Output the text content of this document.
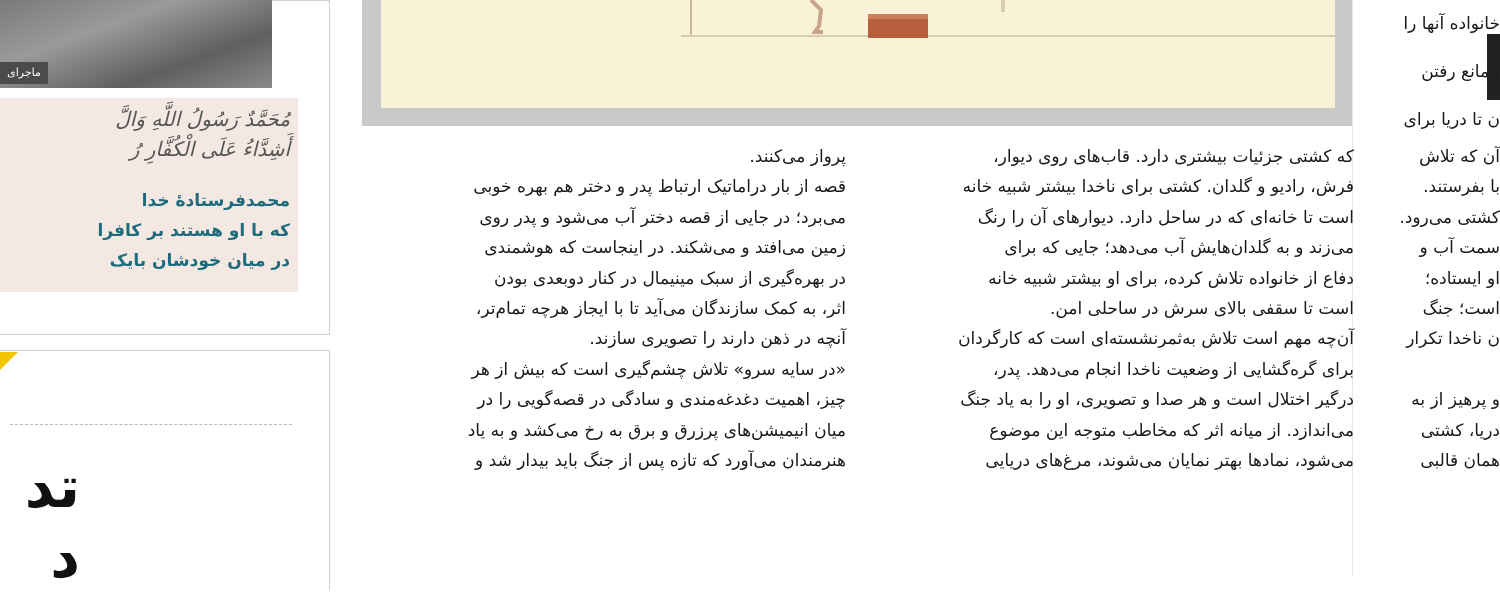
ماجرای
مُحَمَّدٌ رَسُولُ اللَّهِ وَالَّ
أَشِدَّاءُ عَلَى الْكُفَّارِ رُ
محمدفرستادهٔ خدا
که با او هستند بر کافرا
در میان خودشان بایک
تد
د

خانواده آنها را

، مانع رفتن

ن تا دریا برای

آن که تلاش

با بفرستند.

کشتی می‌رود.

سمت آب و

او ایستاده؛

است؛ جنگ

ن ناخدا تکرار

و پرهیز از به

دریا، کشتی

همان قالبی

که کشتی جزئیات بیشتری دارد. قاب‌های روی دیوار،

فرش، رادیو و گلدان. کشتی برای ناخدا بیشتر شبیه خانه

است تا خانه‌ای که در ساحل دارد. دیوارهای آن را رنگ

می‌زند و به گلدان‌هایش آب می‌دهد؛ جایی که برای

دفاع از خانواده تلاش کرده، برای او بیشتر شبیه خانه

است تا سقفی بالای سرش در ساحلی امن.

آن‌چه مهم است تلاش به‌ثمرنشسته‌ای است که کارگردان

برای گره‌گشایی از وضعیت ناخدا انجام می‌دهد. پدر،

درگیر اختلال است و هر صدا و تصویری، او را به یاد جنگ

می‌اندازد. از میانه اثر که مخاطب متوجه این موضوع

می‌شود، نمادها بهتر نمایان می‌شوند، مرغ‌های دریایی

پرواز می‌کنند.

قصه از بار دراماتیک ارتباط پدر و دختر هم بهره خوبی

می‌برد؛ در جایی از قصه دختر آب می‌شود و پدر روی

زمین می‌افتد و می‌شکند. در اینجاست که هوشمندی

در بهره‌گیری از سبک مینیمال در کنار دوبعدی بودن

اثر، به کمک سازندگان می‌آید تا با ایجاز هرچه تمام‌تر،

آنچه در ذهن دارند را تصویری سازند.

«در سایه سرو» تلاش چشم‌گیری است که بیش از هر

چیز، اهمیت دغدغه‌مندی و سادگی در قصه‌گویی را در

میان انیمیشن‌های پرزرق و برق به رخ می‌کشد و به یاد

هنرمندان می‌آورد که تازه پس از جنگ باید بیدار شد و
